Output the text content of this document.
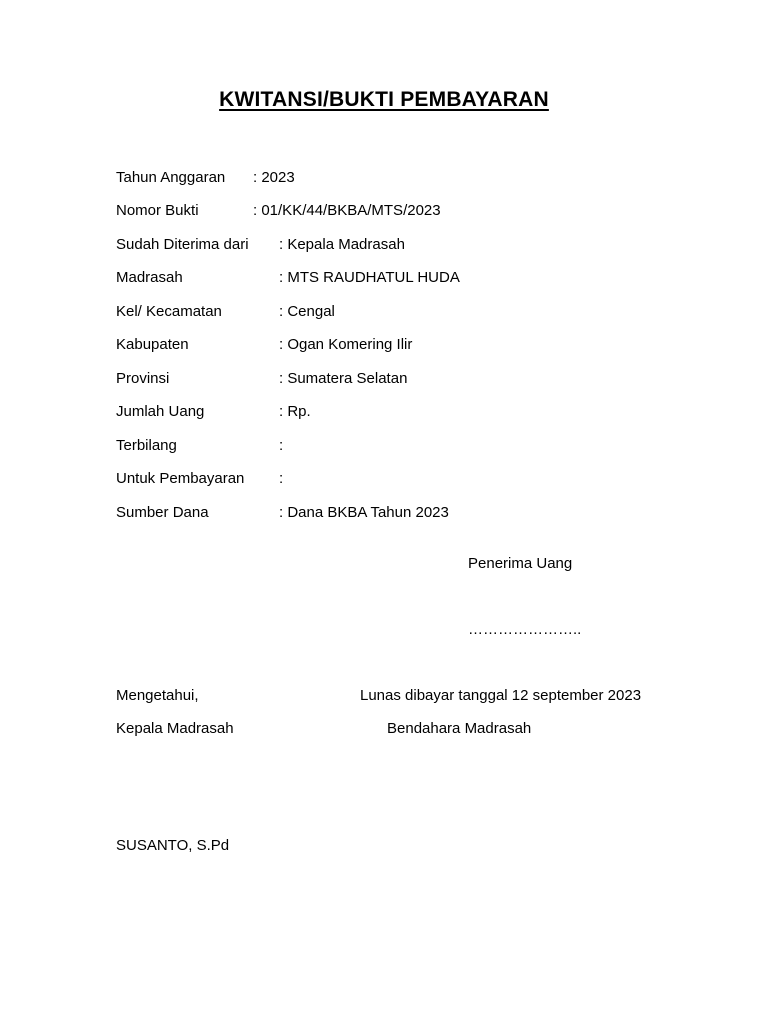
KWITANSI/BUKTI PEMBAYARAN
Tahun Anggaran : 2023
Nomor Bukti	: 01/KK/44/BKBA/MTS/2023
Sudah Diterima dari : Kepala Madrasah
Madrasah	: MTS RAUDHATUL HUDA
Kel/ Kecamatan	: Cengal
Kabupaten	: Ogan Komering Ilir
Provinsi	: Sumatera Selatan
Jumlah Uang	: Rp.
Terbilang	:
Untuk Pembayaran :
Sumber Dana	: Dana BKBA Tahun 2023
Penerima Uang
…………………..
Mengetahui,	Lunas dibayar tanggal 12 september 2023
Kepala Madrasah	Bendahara Madrasah
SUSANTO, S.Pd
